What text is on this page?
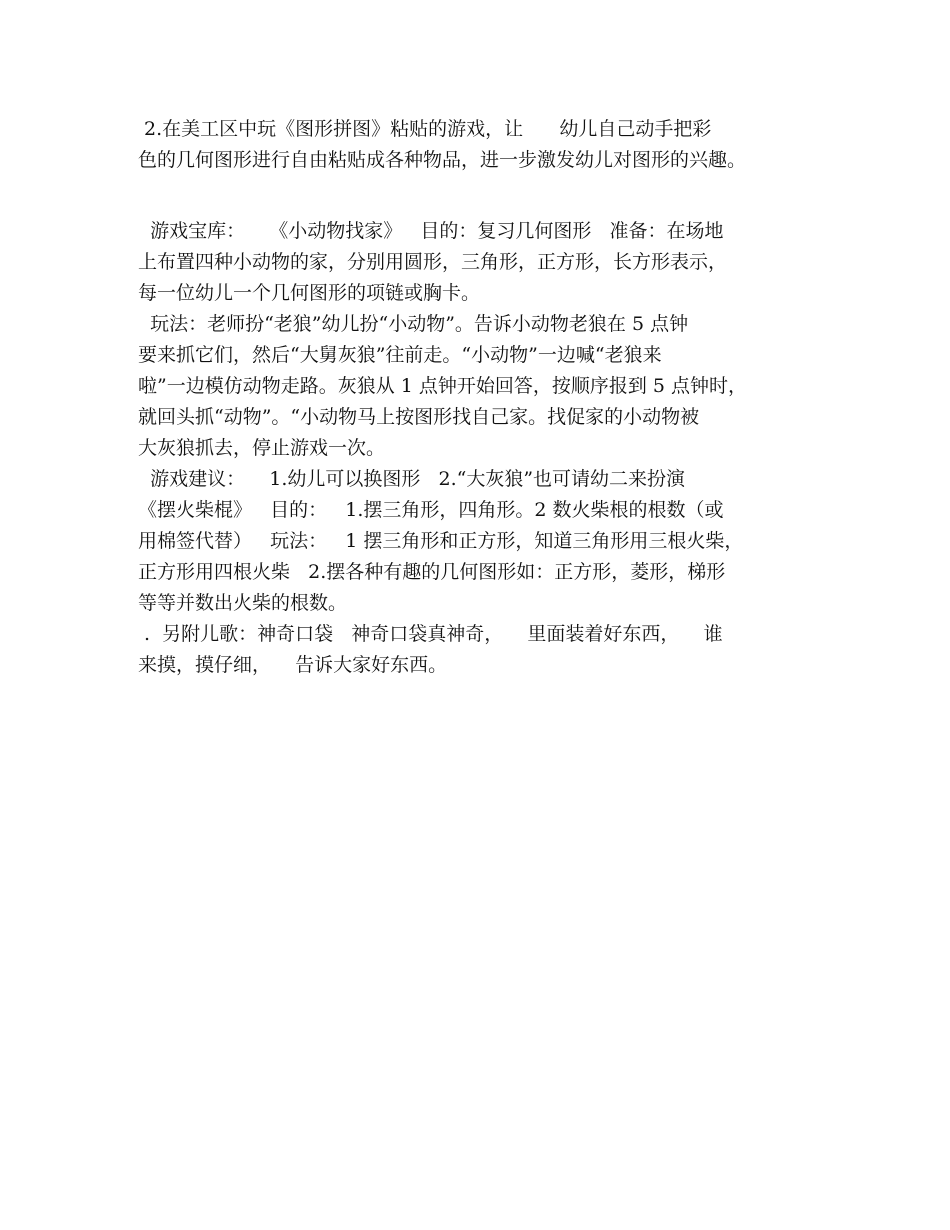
2.在美工区中玩《图形拼图》粘贴的游戏，让      幼儿自己动手把彩
色的几何图形进行自由粘贴成各种物品，进一步激发幼儿对图形的兴趣。
游戏宝库：    《小动物找家》   目的：复习几何图形   准备：在场地
上布置四种小动物的家，分别用圆形，三角形，正方形，长方形表示，
每一位幼儿一个几何图形的项链或胸卡。
玩法：老师扮“老狼”幼儿扮“小动物”。告诉小动物老狼在 5 点钟
要来抓它们，然后“大舅灰狼”往前走。“小动物”一边喊“老狼来
啦”一边模仿动物走路。灰狼从 1 点钟开始回答，按顺序报到 5 点钟时，
就回头抓“动物”。“小动物马上按图形找自己家。找促家的小动物被
大灰狼抓去，停止游戏一次。
游戏建议：    1.幼儿可以换图形   2.“大灰狼”也可请幼二来扮演
《摆火柴棍》   目的：   1.摆三角形，四角形。2 数火柴根的根数（或
用棉签代替）   玩法：   1 摆三角形和正方形，知道三角形用三根火柴，
正方形用四根火柴   2.摆各种有趣的几何图形如：正方形，菱形，梯形
等等并数出火柴的根数。
.  另附儿歌：神奇口袋   神奇口袋真神奇，    里面装着好东西，    谁
来摸，摸仔细，    告诉大家好东西。
